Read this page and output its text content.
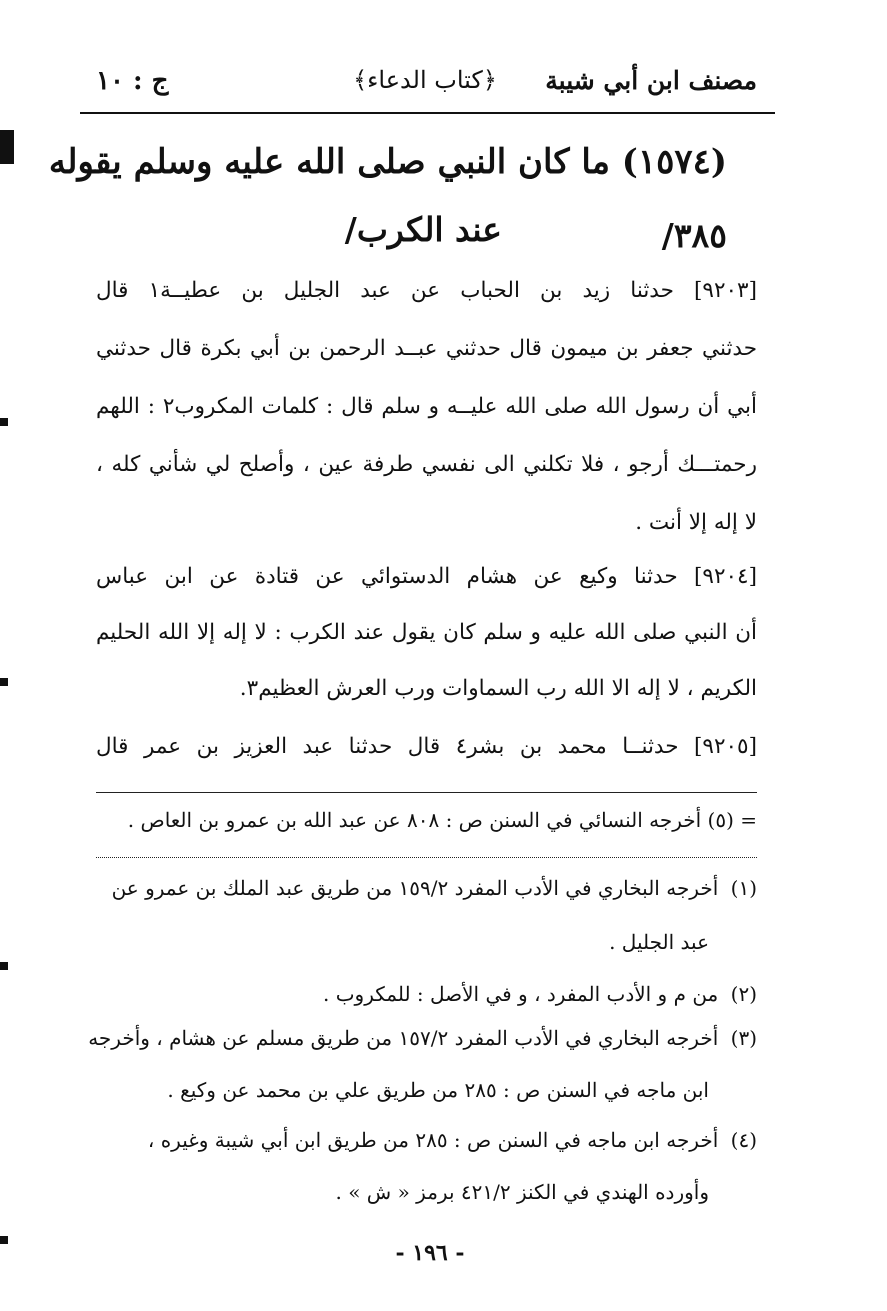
مصنف ابن أبي شيبة
﴿كتاب الدعاء﴾
ج : ١٠
(١٥٧٤) ما كان النبي صلى الله عليه وسلم يقوله
٣٨٥/
عند الكرب/
[٩٢٠٣] حدثنا زيد بن الحباب عن عبد الجليل بن عطيــة١ قال
حدثني جعفر بن ميمون قال حدثني عبــد الرحمن بن أبي بكرة قال حدثني
أبي أن رسول الله صلى الله عليــه و سلم قال : كلمات المكروب٢ : اللهم
رحمتـــك أرجو ، فلا تكلني الى نفسي طرفة عين ، وأصلح لي شأني كله ،
لا إله إلا أنت .
[٩٢٠٤] حدثنا وكيع عن هشام الدستوائي عن قتادة عن ابن عباس
أن النبي صلى الله عليه و سلم كان يقول عند الكرب : لا إله إلا الله الحليم
الكريم ، لا إله الا الله رب السماوات ورب العرش العظيم٣.
[٩٢٠٥] حدثنــا محمد بن بشر٤ قال حدثنا عبد العزيز بن عمر قال
= (٥) أخرجه النسائي في السنن ص : ٨٠٨ عن عبد الله بن عمرو بن العاص .
(١) أخرجه البخاري في الأدب المفرد ١٥٩/٢ من طريق عبد الملك بن عمرو عن
عبد الجليل .
(٢) من م و الأدب المفرد ، و في الأصل : للمكروب .
(٣) أخرجه البخاري في الأدب المفرد ١٥٧/٢ من طريق مسلم عن هشام ، وأخرجه
ابن ماجه في السنن ص : ٢٨٥ من طريق علي بن محمد عن وكيع .
(٤) أخرجه ابن ماجه في السنن ص : ٢٨٥ من طريق ابن أبي شيبة وغيره ،
وأورده الهندي في الكنز ٤٢١/٢ برمز « ش » .
- ١٩٦ -
